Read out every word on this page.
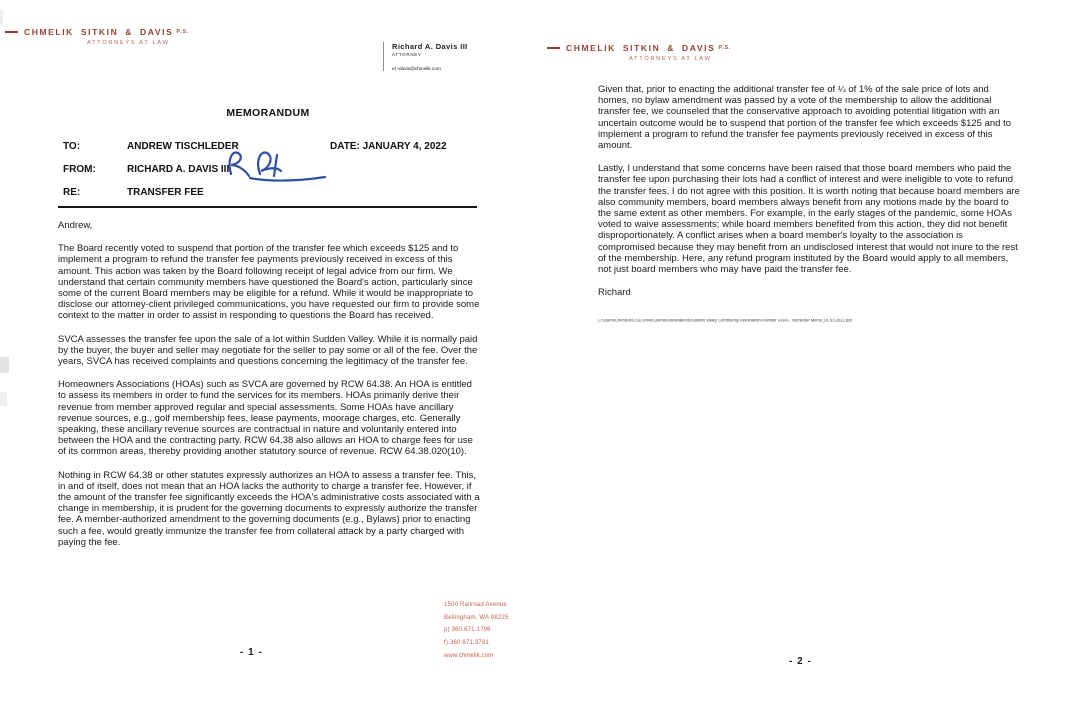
CHMELIK SITKIN & DAVIS P.S.
ATTORNEYS AT LAW	Richard A. Davis III
ATTORNEY
e) rdavis@chmelik.com
MEMORANDUM
TO:	ANDREW TISCHLEDER	DATE: JANUARY 4, 2022
FROM:	RICHARD A. DAVIS III
RE:	TRANSFER FEE

Andrew,

The Board recently voted to suspend that portion of the transfer fee which exceeds $125 and to implement a program to refund the transfer fee payments previously received in excess of this amount. This action was taken by the Board following receipt of legal advice from our firm. We understand that certain community members have questioned the Board's action, particularly since some of the current Board members may be eligible for a refund. While it would be inappropriate to disclose our attorney-client privileged communications, you have requested our firm to provide some context to the matter in order to assist in responding to questions the Board has received.

SVCA assesses the transfer fee upon the sale of a lot within Sudden Valley. While it is normally paid by the buyer, the buyer and seller may negotiate for the seller to pay some or all of the fee. Over the years, SVCA has received complaints and questions concerning the legitimacy of the transfer fee.

Homeowners Associations (HOAs) such as SVCA are governed by RCW 64.38. An HOA is entitled to assess its members in order to fund the services for its members. HOAs primarily derive their revenue from member approved regular and special assessments. Some HOAs have ancillary revenue sources, e.g., golf membership fees, lease payments, moorage charges, etc. Generally speaking, these ancillary revenue sources are contractual in nature and voluntarily entered into between the HOA and the contracting party. RCW 64.38 also allows an HOA to charge fees for use of its common areas, thereby providing another statutory source of revenue. RCW 64.38.020(10).

Nothing in RCW 64.38 or other statutes expressly authorizes an HOA to assess a transfer fee. This, in and of itself, does not mean that an HOA lacks the authority to charge a transfer fee. However, if the amount of the transfer fee significantly exceeds the HOA's administrative costs associated with a change in membership, it is prudent for the governing documents to expressly authorize the transfer fee. A member-authorized amendment to the governing documents (e.g., Bylaws) prior to enacting such a fee, would greatly immunize the transfer fee from collateral attack by a party charged with paying the fee.

1500 Railroad Avenue
Bellingham, WA 98225
p) 360.671.1796
f) 360.671.3781
www.chmelik.com
- 1 -
CHMELIK SITKIN & DAVIS P.S.
ATTORNEYS AT LAW

Given that, prior to enacting the additional transfer fee of ¼ of 1% of the sale price of lots and homes, no bylaw amendment was passed by a vote of the membership to allow the additional transfer fee, we counseled that the conservative approach to avoiding potential litigation with an uncertain outcome would be to suspend that portion of the transfer fee which exceeds $125 and to implement a program to refund the transfer fee payments previously received in excess of this amount.

Lastly, I understand that some concerns have been raised that those board members who paid the transfer fee upon purchasing their lots had a conflict of interest and were ineligible to vote to refund the transfer fees. I do not agree with this position. It is worth noting that because board members are also community members, board members always benefit from any motions made by the board to the same extent as other members. For example, in the early stages of the pandemic, some HOAs voted to waive assessments; while board members benefited from this action, they did not benefit disproportionately. A conflict arises when a board member's loyalty to the association is compromised because they may benefit from an undisclosed interest that would not inure to the rest of the membership. Here, any refund program instituted by the Board would apply to all members, not just board members who may have paid the transfer fee.

Richard

C:\Users\Chef\Box\CSD Drive\Clients\Associations\Sudden Valley Community Association\Transfer Fee\A. Tischleder Memo_01.03.2022.doc
- 2 -
